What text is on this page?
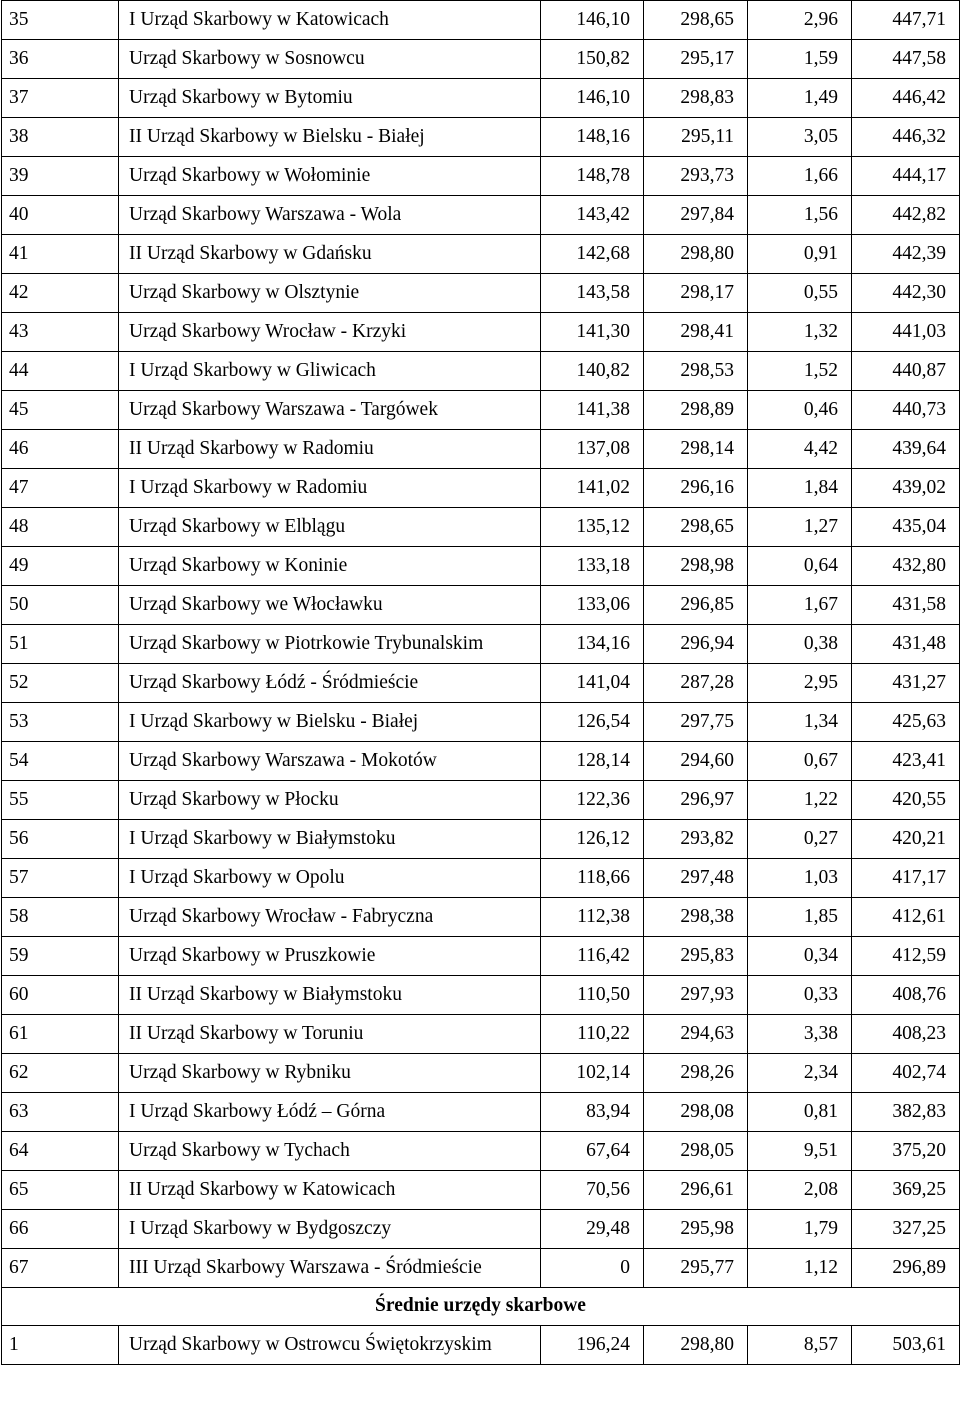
35	I Urząd Skarbowy w Katowicach	146,10	298,65	2,96	447,71
36	Urząd Skarbowy w Sosnowcu	150,82	295,17	1,59	447,58
37	Urząd Skarbowy w Bytomiu	146,10	298,83	1,49	446,42
38	II Urząd Skarbowy w Bielsku - Białej	148,16	295,11	3,05	446,32
39	Urząd Skarbowy w Wołominie	148,78	293,73	1,66	444,17
40	Urząd Skarbowy Warszawa - Wola	143,42	297,84	1,56	442,82
41	II Urząd Skarbowy w Gdańsku	142,68	298,80	0,91	442,39
42	Urząd Skarbowy w Olsztynie	143,58	298,17	0,55	442,30
43	Urząd Skarbowy Wrocław - Krzyki	141,30	298,41	1,32	441,03
44	I Urząd Skarbowy w Gliwicach	140,82	298,53	1,52	440,87
45	Urząd Skarbowy Warszawa - Targówek	141,38	298,89	0,46	440,73
46	II Urząd Skarbowy w Radomiu	137,08	298,14	4,42	439,64
47	I Urząd Skarbowy w Radomiu	141,02	296,16	1,84	439,02
48	Urząd Skarbowy w Elblągu	135,12	298,65	1,27	435,04
49	Urząd Skarbowy w Koninie	133,18	298,98	0,64	432,80
50	Urząd Skarbowy we Włocławku	133,06	296,85	1,67	431,58
51	Urząd Skarbowy w Piotrkowie Trybunalskim	134,16	296,94	0,38	431,48
52	Urząd Skarbowy Łódź - Śródmieście	141,04	287,28	2,95	431,27
53	I Urząd Skarbowy w Bielsku - Białej	126,54	297,75	1,34	425,63
54	Urząd Skarbowy Warszawa - Mokotów	128,14	294,60	0,67	423,41
55	Urząd Skarbowy w Płocku	122,36	296,97	1,22	420,55
56	I Urząd Skarbowy w Białymstoku	126,12	293,82	0,27	420,21
57	I Urząd Skarbowy w Opolu	118,66	297,48	1,03	417,17
58	Urząd Skarbowy Wrocław - Fabryczna	112,38	298,38	1,85	412,61
59	Urząd Skarbowy w Pruszkowie	116,42	295,83	0,34	412,59
60	II Urząd Skarbowy w Białymstoku	110,50	297,93	0,33	408,76
61	II Urząd Skarbowy w Toruniu	110,22	294,63	3,38	408,23
62	Urząd Skarbowy w Rybniku	102,14	298,26	2,34	402,74
63	I Urząd Skarbowy Łódź – Górna	83,94	298,08	0,81	382,83
64	Urząd Skarbowy w Tychach	67,64	298,05	9,51	375,20
65	II Urząd Skarbowy w Katowicach	70,56	296,61	2,08	369,25
66	I Urząd Skarbowy w Bydgoszczy	29,48	295,98	1,79	327,25
67	III Urząd Skarbowy Warszawa - Śródmieście	0	295,77	1,12	296,89
Średnie urzędy skarbowe					
1	Urząd Skarbowy w Ostrowcu Świętokrzyskim	196,24	298,80	8,57	503,61
